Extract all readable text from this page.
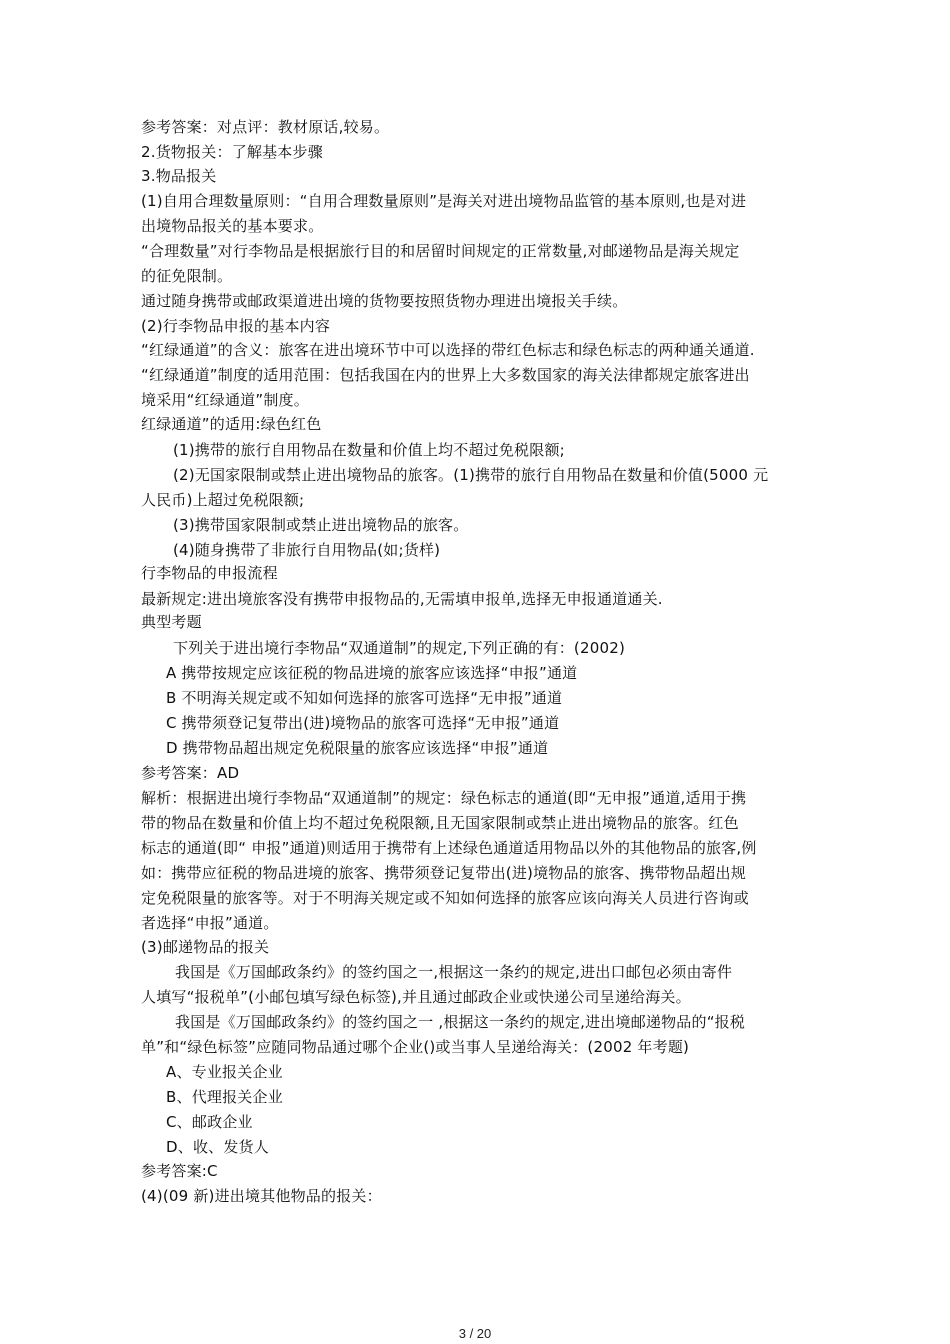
参考答案：对点评：教材原话,较易。
2.货物报关：了解基本步骤
3.物品报关
(1)自用合理数量原则：“自用合理数量原则”是海关对进出境物品监管的基本原则,也是对进
出境物品报关的基本要求。
“合理数量”对行李物品是根据旅行目的和居留时间规定的正常数量,对邮递物品是海关规定
的征免限制。
通过随身携带或邮政渠道进出境的货物要按照货物办理进出境报关手续。
(2)行李物品申报的基本内容
“红绿通道”的含义：旅客在进出境环节中可以选择的带红色标志和绿色标志的两种通关通道.
“红绿通道”制度的适用范围：包括我国在内的世界上大多数国家的海关法律都规定旅客进出
境采用“红绿通道”制度。
红绿通道”的适用:绿色红色
(1)携带的旅行自用物品在数量和价值上均不超过免税限额;
(2)无国家限制或禁止进出境物品的旅客。(1)携带的旅行自用物品在数量和价值(5000 元
人民币)上超过免税限额;
(3)携带国家限制或禁止进出境物品的旅客。
(4)随身携带了非旅行自用物品(如;货样)
行李物品的申报流程
最新规定:进出境旅客没有携带申报物品的,无需填申报单,选择无申报通道通关.
典型考题
下列关于进出境行李物品“双通道制”的规定,下列正确的有：(2002)
A 携带按规定应该征税的物品进境的旅客应该选择“申报”通道
B 不明海关规定或不知如何选择的旅客可选择“无申报”通道
C 携带须登记复带出(进)境物品的旅客可选择“无申报”通道
D 携带物品超出规定免税限量的旅客应该选择“申报”通道
参考答案：AD
解析：根据进出境行李物品“双通道制”的规定：绿色标志的通道(即“无申报”通道,适用于携
带的物品在数量和价值上均不超过免税限额,且无国家限制或禁止进出境物品的旅客。红色
标志的通道(即“ 申报”通道)则适用于携带有上述绿色通道适用物品以外的其他物品的旅客,例
如：携带应征税的物品进境的旅客、携带须登记复带出(进)境物品的旅客、携带物品超出规
定免税限量的旅客等。对于不明海关规定或不知如何选择的旅客应该向海关人员进行咨询或
者选择“申报”通道。
(3)邮递物品的报关
我国是《万国邮政条约》的签约国之一,根据这一条约的规定,进出口邮包必须由寄件
人填写“报税单”(小邮包填写绿色标签),并且通过邮政企业或快递公司呈递给海关。
我国是《万国邮政条约》的签约国之一 ,根据这一条约的规定,进出境邮递物品的“报税
单”和“绿色标签”应随同物品通过哪个企业()或当事人呈递给海关：(2002 年考题)
A、专业报关企业
B、代理报关企业
C、邮政企业
D、收、发货人
参考答案:C
(4)(09 新)进出境其他物品的报关：
3 / 20
